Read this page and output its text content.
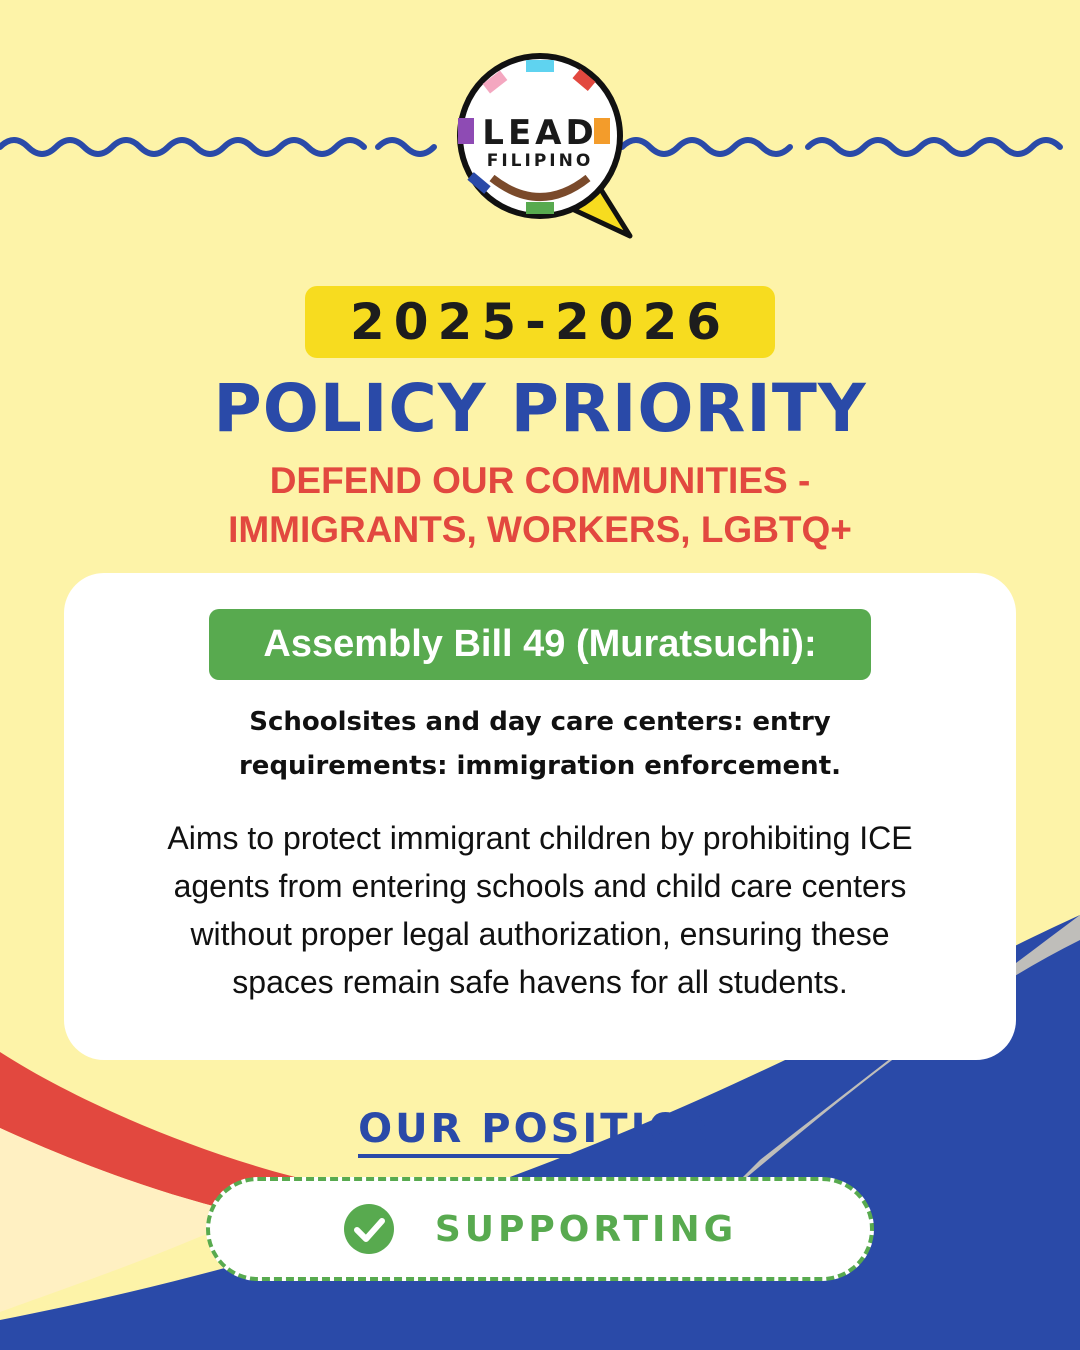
LEAD
FILIPINO
2025-2026
POLICY PRIORITY
DEFEND OUR COMMUNITIES -
IMMIGRANTS, WORKERS, LGBTQ+
Assembly Bill 49 (Muratsuchi):
Schoolsites and day care centers: entry
requirements: immigration enforcement.
Aims to protect immigrant children by prohibiting ICE
agents from entering schools and child care centers
without proper legal authorization, ensuring these
spaces remain safe havens for all students.
OUR POSITION
SUPPORTING
